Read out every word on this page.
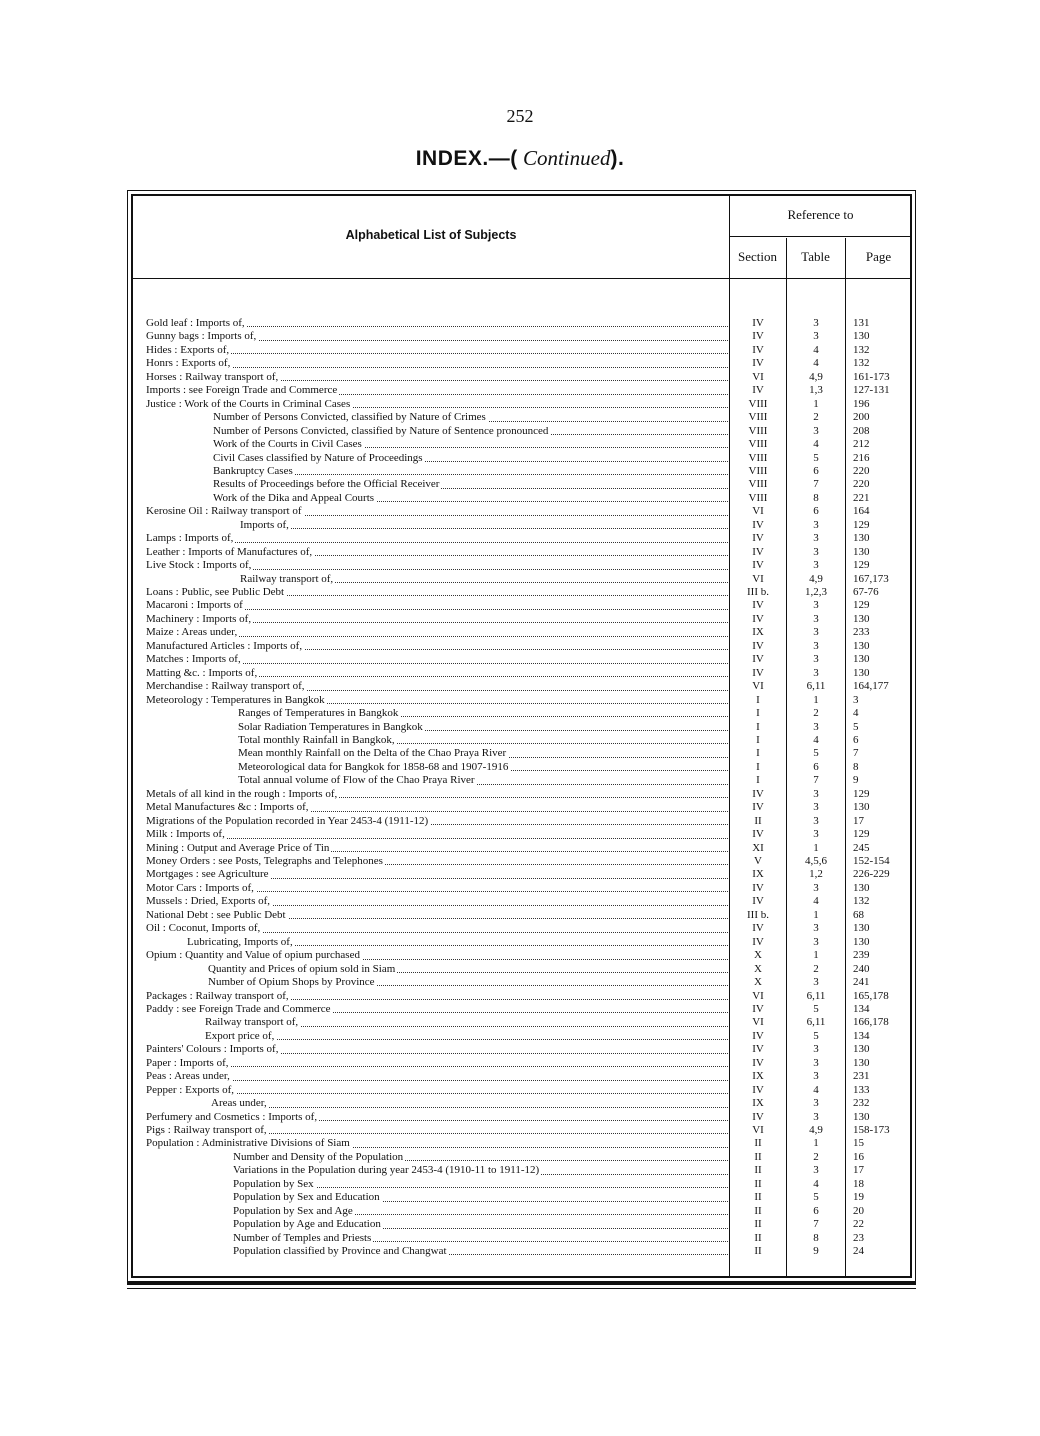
252
INDEX.—( Continued).
Alphabetical List of Subjects
Reference to
Section	Table	Page
Gold leaf : Imports of,	IV	3	131
Gunny bags : Imports of,	IV	3	130
Hides : Exports of,	IV	4	132
Honrs : Exports of,	IV	4	132
Horses : Railway transport of,	VI	4,9	161-173
Imports : see Foreign Trade and Commerce	IV	1,3	127-131
Justice : Work of the Courts in Criminal Cases	VIII	1	196
Number of Persons Convicted, classified by Nature of Crimes	VIII	2	200
Number of Persons Convicted, classified by Nature of Sentence pronounced	VIII	3	208
Work of the Courts in Civil Cases	VIII	4	212
Civil Cases classified by Nature of Proceedings	VIII	5	216
Bankruptcy Cases	VIII	6	220
Results of Proceedings before the Official Receiver	VIII	7	220
Work of the Dika and Appeal Courts	VIII	8	221
Kerosine Oil : Railway transport of	VI	6	164
Imports of,	IV	3	129
Lamps : Imports of,	IV	3	130
Leather : Imports of Manufactures of,	IV	3	130
Live Stock : Imports of,	IV	3	129
Railway transport of,	VI	4,9	167,173
Loans : Public, see Public Debt	III b.	1,2,3	67-76
Macaroni : Imports of	IV	3	129
Machinery : Imports of,	IV	3	130
Maize : Areas under,	IX	3	233
Manufactured Articles : Imports of,	IV	3	130
Matches : Imports of,	IV	3	130
Matting &c. : Imports of,	IV	3	130
Merchandise : Railway transport of,	VI	6,11	164,177
Meteorology : Temperatures in Bangkok	I	1	3
Ranges of Temperatures in Bangkok	I	2	4
Solar Radiation Temperatures in Bangkok	I	3	5
Total monthly Rainfall in Bangkok,	I	4	6
Mean monthly Rainfall on the Delta of the Chao Praya River	I	5	7
Meteorological data for Bangkok for 1858-68 and 1907-1916	I	6	8
Total annual volume of Flow of the Chao Praya River	I	7	9
Metals of all kind in the rough : Imports of,	IV	3	129
Metal Manufactures &c : Imports of,	IV	3	130
Migrations of the Population recorded in Year 2453-4 (1911-12)	II	3	17
Milk : Imports of,	IV	3	129
Mining : Output and Average Price of Tin	XI	1	245
Money Orders : see Posts, Telegraphs and Telephones	V	4,5,6	152-154
Mortgages : see Agriculture	IX	1,2	226-229
Motor Cars : Imports of,	IV	3	130
Mussels : Dried, Exports of,	IV	4	132
National Debt : see Public Debt	III b.	1	68
Oil : Coconut, Imports of,	IV	3	130
Lubricating, Imports of,	IV	3	130
Opium : Quantity and Value of opium purchased	X	1	239
Quantity and Prices of opium sold in Siam	X	2	240
Number of Opium Shops by Province	X	3	241
Packages : Railway transport of,	VI	6,11	165,178
Paddy : see Foreign Trade and Commerce	IV	5	134
Railway transport of,	VI	6,11	166,178
Export price of,	IV	5	134
Painters' Colours : Imports of,	IV	3	130
Paper : Imports of,	IV	3	130
Peas : Areas under,	IX	3	231
Pepper : Exports of,	IV	4	133
Areas under,	IX	3	232
Perfumery and Cosmetics : Imports of,	IV	3	130
Pigs : Railway transport of,	VI	4,9	158-173
Population : Administrative Divisions of Siam	II	1	15
Number and Density of the Population	II	2	16
Variations in the Population during year 2453-4 (1910-11 to 1911-12)	II	3	17
Population by Sex	II	4	18
Population by Sex and Education	II	5	19
Population by Sex and Age	II	6	20
Population by Age and Education	II	7	22
Number of Temples and Priests	II	8	23
Population classified by Province and Changwat	II	9	24
